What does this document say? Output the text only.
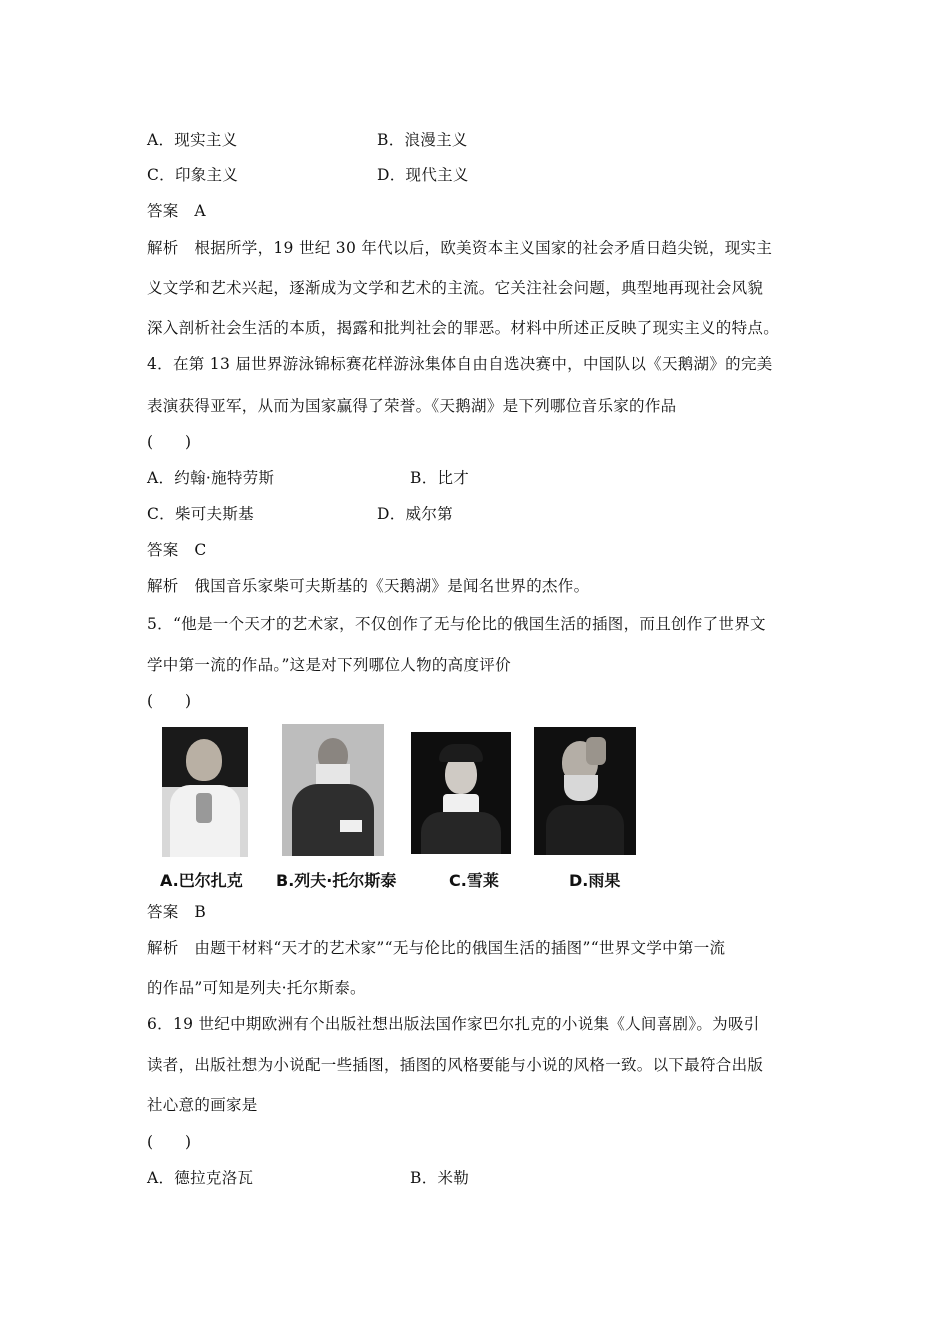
A．现实主义	B．浪漫主义
C．印象主义	D．现代主义
答案　A
解析　根据所学，19 世纪 30 年代以后，欧美资本主义国家的社会矛盾日趋尖锐，现实主
义文学和艺术兴起，逐渐成为文学和艺术的主流。它关注社会问题，典型地再现社会风貌
深入剖析社会生活的本质，揭露和批判社会的罪恶。材料中所述正反映了现实主义的特点。
4．在第 13 届世界游泳锦标赛花样游泳集体自由自选决赛中，中国队以《天鹅湖》的完美
表演获得亚军，从而为国家赢得了荣誉。《天鹅湖》是下列哪位音乐家的作品
(　　)
A．约翰·施特劳斯	B．比才
C．柴可夫斯基	D．威尔第
答案　C
解析　俄国音乐家柴可夫斯基的《天鹅湖》是闻名世界的杰作。
5．“他是一个天才的艺术家，不仅创作了无与伦比的俄国生活的插图，而且创作了世界文
学中第一流的作品。”这是对下列哪位人物的高度评价
(　　)
A.巴尔扎克 B.列夫·托尔斯泰	C.雪莱	D.雨果
答案　B
解析　由题干材料“天才的艺术家”“无与伦比的俄国生活的插图”“世界文学中第一流
的作品”可知是列夫·托尔斯泰。
6．19 世纪中期欧洲有个出版社想出版法国作家巴尔扎克的小说集《人间喜剧》。为吸引
读者，出版社想为小说配一些插图，插图的风格要能与小说的风格一致。以下最符合出版
社心意的画家是
(　　)
A．德拉克洛瓦	B．米勒
